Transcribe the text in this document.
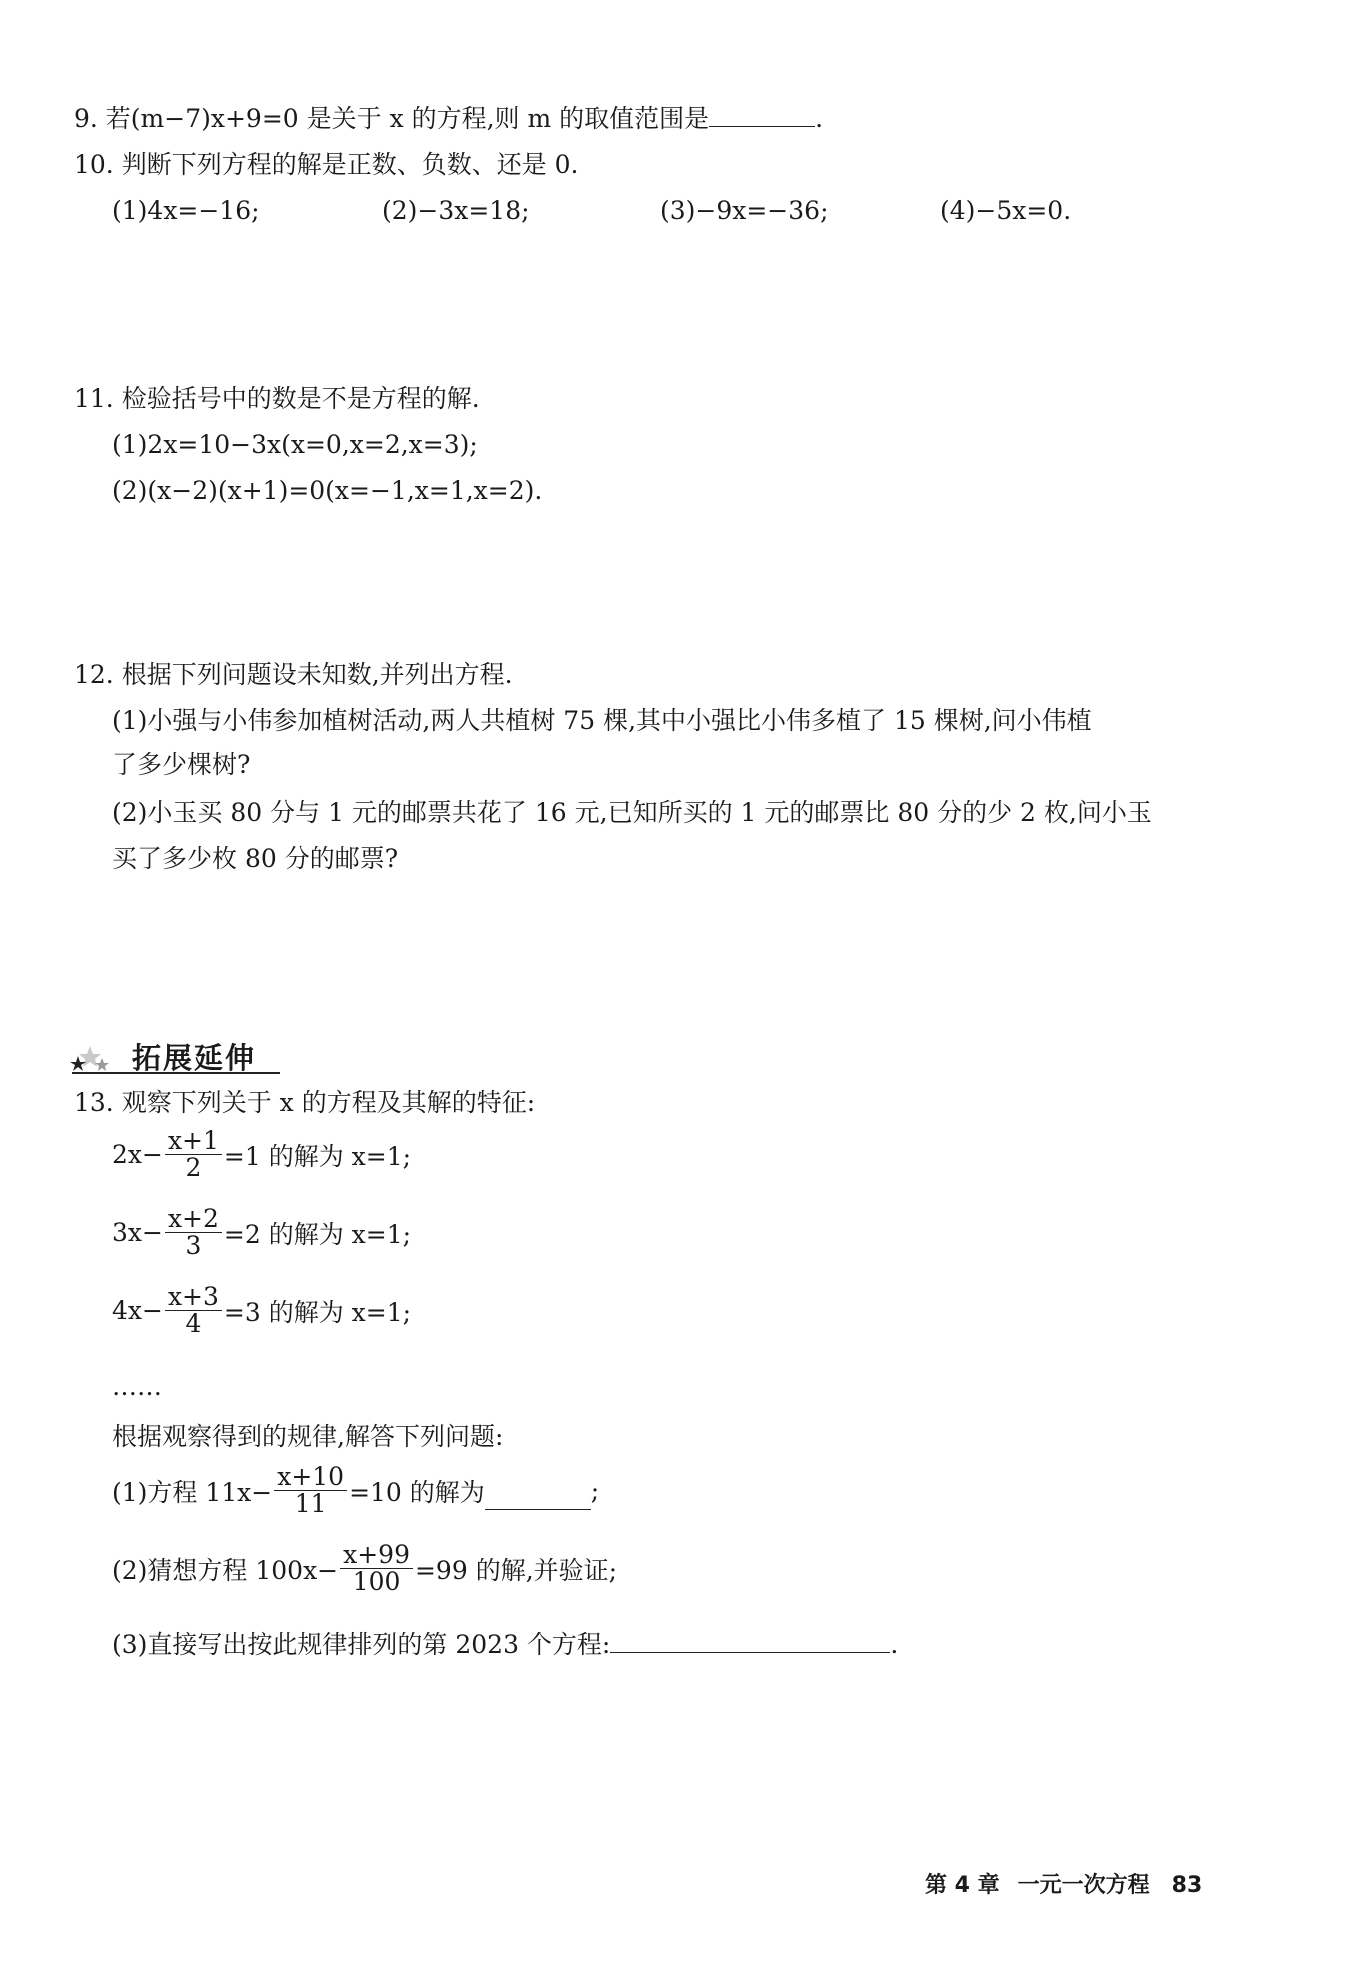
9. 若(m−7)x+9=0 是关于 x 的方程,则 m 的取值范围是	.
10. 判断下列方程的解是正数、负数、还是 0.
(1)4x=−16;	(2)−3x=18;	(3)−9x=−36;	(4)−5x=0.
11. 检验括号中的数是不是方程的解.
(1)2x=10−3x(x=0,x=2,x=3);
(2)(x−2)(x+1)=0(x=−1,x=1,x=2).
12. 根据下列问题设未知数,并列出方程.
(1)小强与小伟参加植树活动,两人共植树 75 棵,其中小强比小伟多植了 15 棵树,问小伟植
了多少棵树?
(2)小玉买 80 分与 1 元的邮票共花了 16 元,已知所买的 1 元的邮票比 80 分的少 2 枚,问小玉
买了多少枚 80 分的邮票?
拓展延伸
13. 观察下列关于 x 的方程及其解的特征:
$2x- \frac{x+1}{2} =1$ 的解为 x=1;
$3x- \frac{x+2}{3} =2$ 的解为 x=1;
$4x- \frac{x+3}{4} =3$ 的解为 x=1;
……
根据观察得到的规律,解答下列问题:
(1)方程 $11x- \frac{x+10}{11} =10$ 的解为	;
(2)猜想方程 $100x- \frac{x+99}{100} =99$ 的解,并验证;
(3)直接写出按此规律排列的第 2023 个方程:	.
第 4 章 一元一次方程 83
